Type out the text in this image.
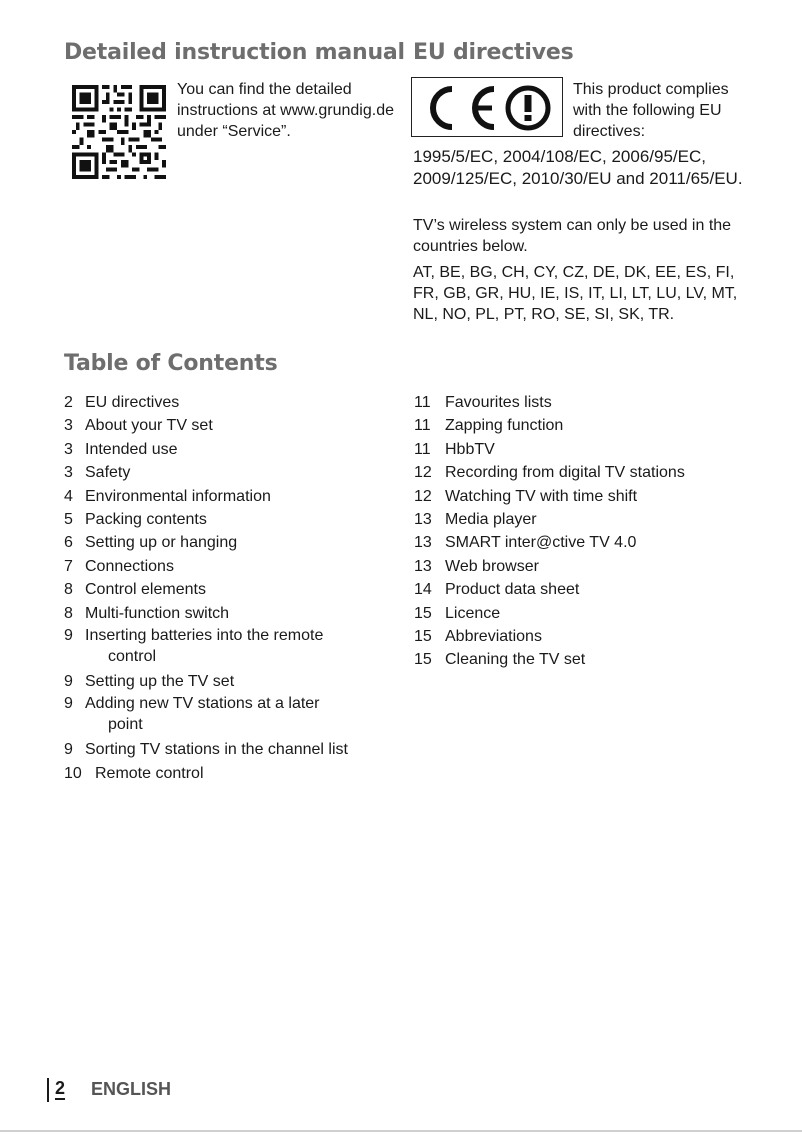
Detailed instruction manual

You can find the detailed instructions at www.grundig.de under “Service”.

EU directives

This product complies with the following EU directives:

1995/5/EC, 2004/108/EC, 2006/95/EC, 2009/125/EC, 2010/30/EU and 2011/65/EU.

TV’s wireless system can only be used in the countries below.

AT, BE, BG, CH, CY, CZ, DE, DK, EE, ES, FI, FR, GB, GR, HU, IE, IS, IT, LI, LT, LU, LV, MT, NL, NO, PL, PT, RO, SE, SI, SK, TR.

Table of Contents
2 EU directives
3 About your TV set
3 Intended use
3 Safety
4 Environmental information
5 Packing contents
6 Setting up or hanging
7 Connections
8 Control elements
8 Multi-function switch
9 Inserting batteries into the remote
control
9 Setting up the TV set
9 Adding new TV stations at a later
point
9 Sorting TV stations in the channel list
10 Remote control
11 Favourites lists
11 Zapping function
11 HbbTV
12 Recording from digital TV stations
12 Watching TV with time shift
13 Media player
13 SMART inter@ctive TV 4.0
13 Web browser
14 Product data sheet
15 Licence
15 Abbreviations
15 Cleaning the TV set
2	ENGLISH
